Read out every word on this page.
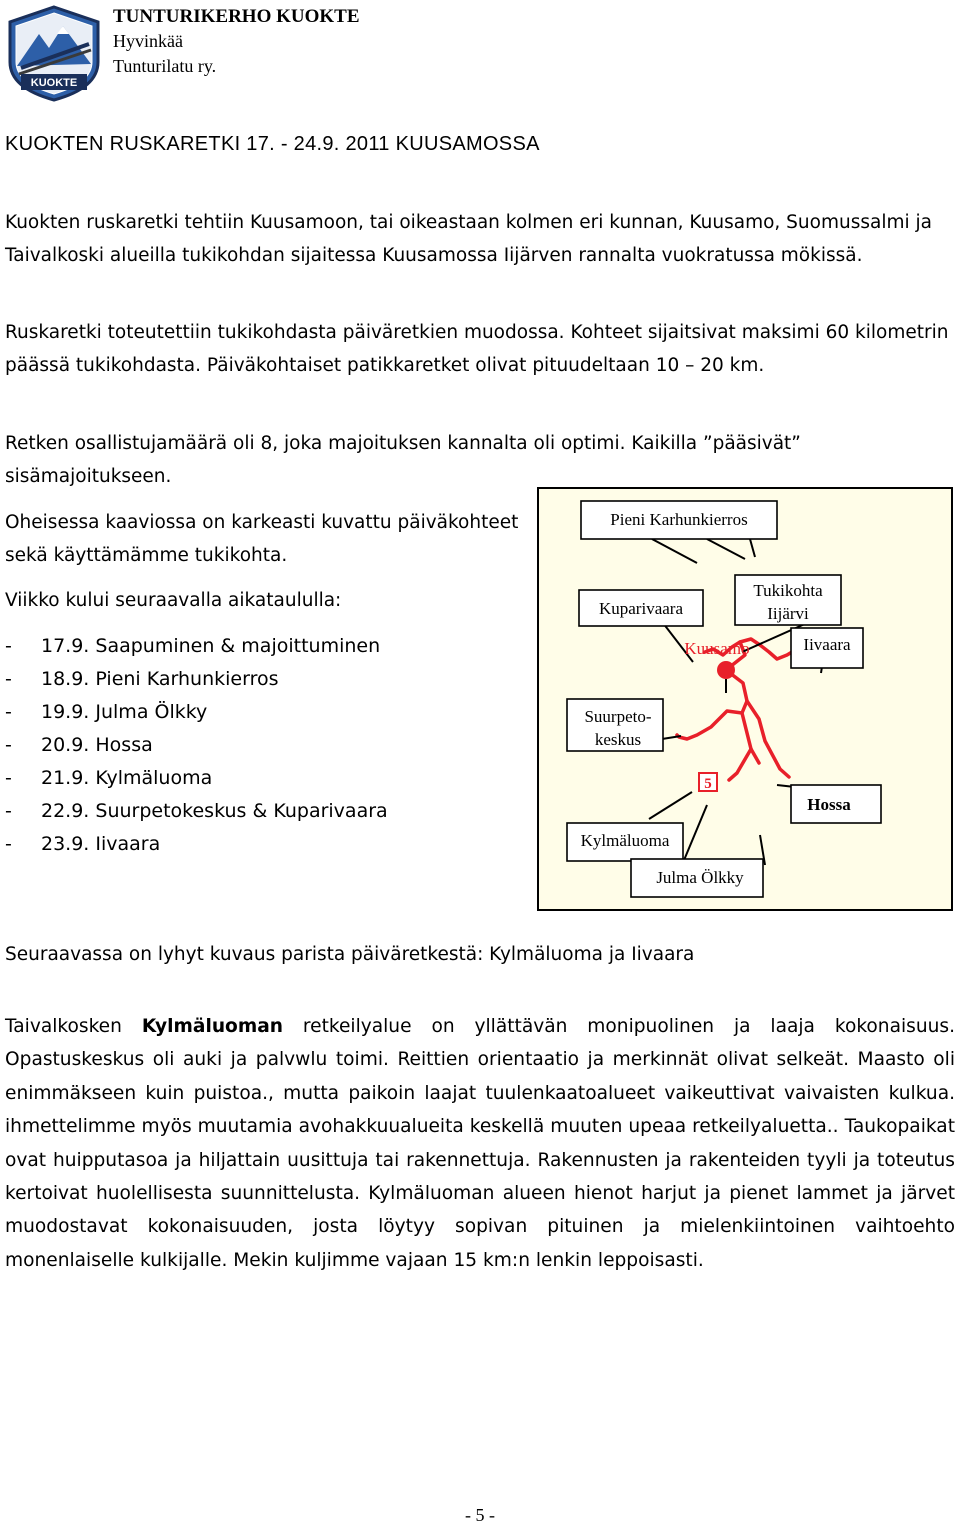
KUOKTE
TUNTURIKERHO KUOKTE
Hyvinkää
Tunturilatu ry.
KUOKTEN RUSKARETKI 17. - 24.9. 2011 KUUSAMOSSA

Kuokten ruskaretki tehtiin Kuusamoon, tai oikeastaan kolmen eri kunnan, Kuusamo, Suomussalmi ja Taivalkoski alueilla tukikohdan sijaitessa Kuusamossa Iijärven rannalta vuokratussa mökissä.

Ruskaretki toteutettiin tukikohdasta päiväretkien muodossa. Kohteet sijaitsivat maksimi 60 kilometrin päässä tukikohdasta. Päiväkohtaiset patikkaretket olivat pituudeltaan 10 – 20 km.

Retken osallistujamäärä oli 8, joka majoituksen kannalta oli optimi. Kaikilla ”pääsivät” sisämajoitukseen.

Oheisessa kaaviossa on karkeasti kuvattu päiväkohteet sekä käyttämämme tukikohta.

Viikko kului seuraavalla aikataululla:
- 17.9. Saapuminen & majoittuminen
- 18.9. Pieni Karhunkierros
- 19.9. Julma Ölkky
- 20.9. Hossa
- 21.9. Kylmäluoma
- 22.9. Suurpetokeskus & Kuparivaara
- 23.9. Iivaara
5
Pieni Karhunkierros
Kuparivaara
Tukikohta
Iijärvi
Iivaara
Suurpeto-
keskus
Hossa
Kylmäluoma
Julma Ölkky
Kuusamo

Seuraavassa on lyhyt kuvaus parista päiväretkestä: Kylmäluoma ja Iivaara

Taivalkosken Kylmäluoman retkeilyalue on yllättävän monipuolinen ja laaja kokonaisuus. Opastuskeskus oli auki ja palvwlu toimi. Reittien orientaatio ja merkinnät olivat selkeät. Maasto oli enimmäkseen kuin puistoa., mutta paikoin laajat tuulenkaatoalueet vaikeuttivat vaivaisten kulkua. ihmettelimme myös muutamia avohakkuualueita keskellä muuten upeaa retkeilyaluetta.. Taukopaikat ovat huipputasoa ja hiljattain uusittuja tai rakennettuja. Rakennusten ja rakenteiden tyyli ja toteutus kertoivat huolellisesta suunnittelusta. Kylmäluoman alueen hienot harjut ja pienet lammet ja järvet muodostavat kokonaisuuden, josta löytyy sopivan pituinen ja mielenkiintoinen vaihtoehto monenlaiselle kulkijalle. Mekin kuljimme vajaan 15 km:n lenkin leppoisasti.

- 5 -
